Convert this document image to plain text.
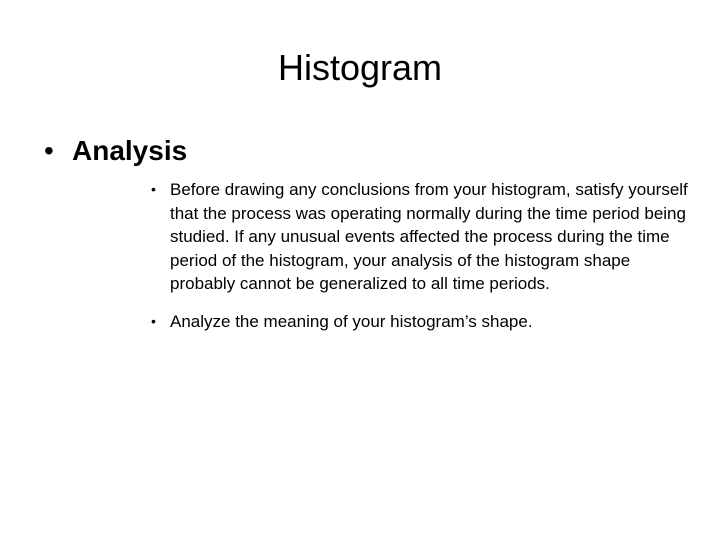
Histogram
• Analysis
• Before drawing any conclusions from your histogram, satisfy yourself that the process was operating normally during the time period being studied. If any unusual events affected the process during the time period of the histogram, your analysis of the histogram shape probably cannot be generalized to all time periods.
• Analyze the meaning of your histogram’s shape.
